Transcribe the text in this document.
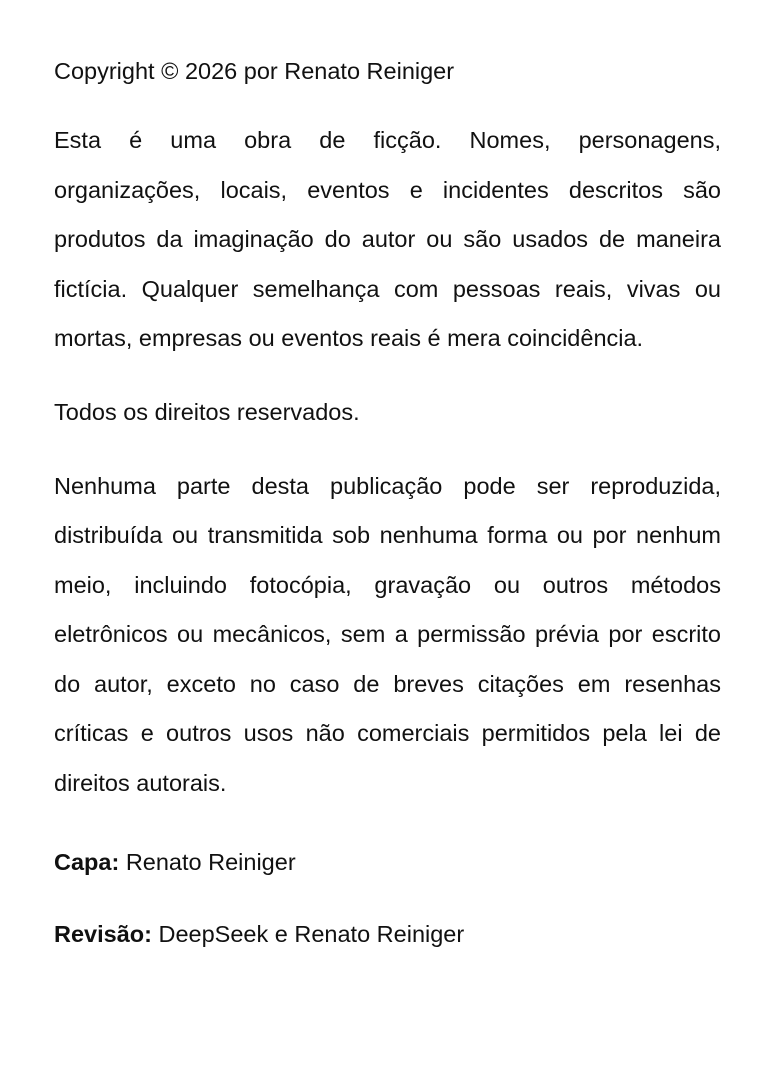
Copyright © 2026 por Renato Reiniger

Esta é uma obra de ficção. Nomes, personagens, organizações, locais, eventos e incidentes descritos são produtos da imaginação do autor ou são usados de maneira fictícia. Qualquer semelhança com pessoas reais, vivas ou mortas, empresas ou eventos reais é mera coincidência.

Todos os direitos reservados.

Nenhuma parte desta publicação pode ser reproduzida, distribuída ou transmitida sob nenhuma forma ou por nenhum meio, incluindo fotocópia, gravação ou outros métodos eletrônicos ou mecânicos, sem a permissão prévia por escrito do autor, exceto no caso de breves citações em resenhas críticas e outros usos não comerciais permitidos pela lei de direitos autorais.

Capa: Renato Reiniger

Revisão: DeepSeek e Renato Reiniger
